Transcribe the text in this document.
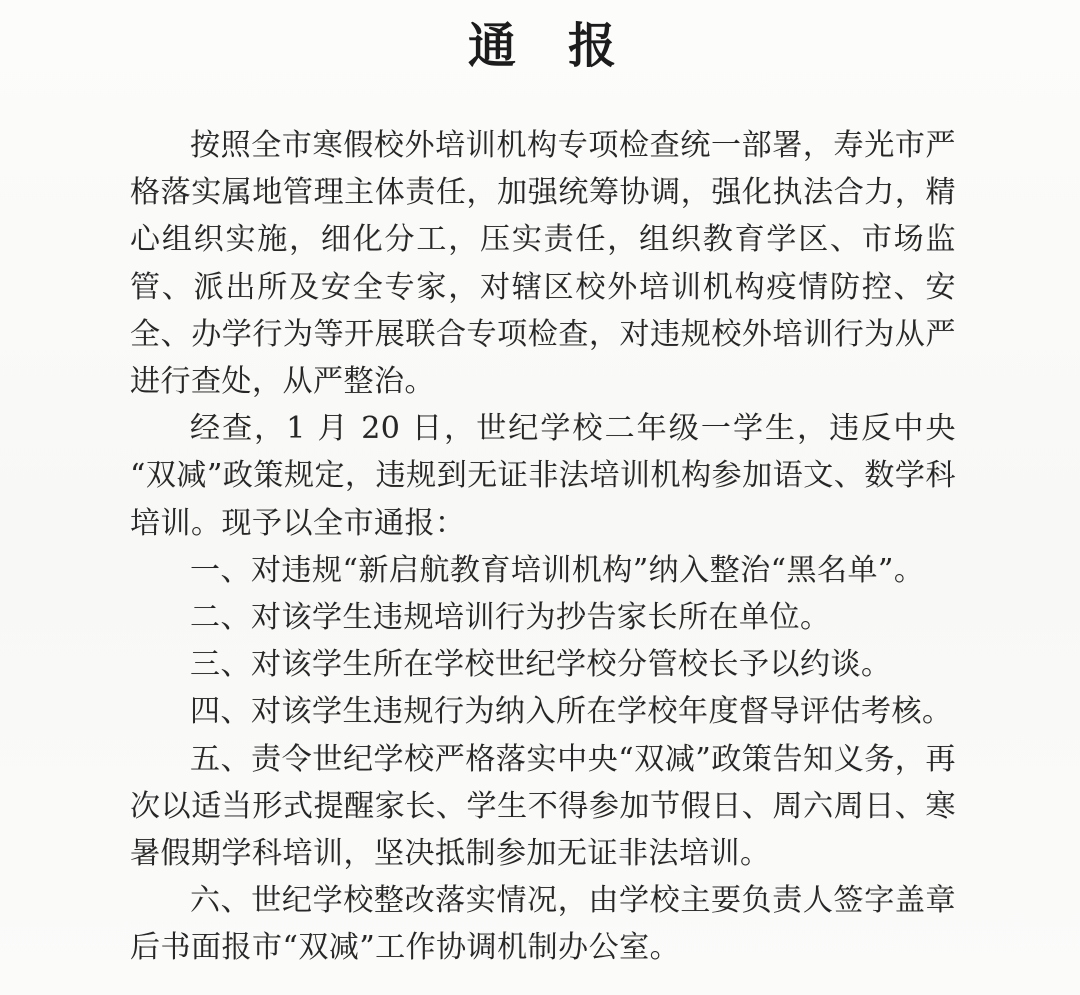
通　报

按照全市寒假校外培训机构专项检查统一部署，寿光市严格落实属地管理主体责任，加强统筹协调，强化执法合力，精心组织实施，细化分工，压实责任，组织教育学区、市场监管、派出所及安全专家，对辖区校外培训机构疫情防控、安全、办学行为等开展联合专项检查，对违规校外培训行为从严进行查处，从严整治。

经查，1 月 20 日，世纪学校二年级一学生，违反中央“双减”政策规定，违规到无证非法培训机构参加语文、数学科培训。现予以全市通报：

一、对违规“新启航教育培训机构”纳入整治“黑名单”。

二、对该学生违规培训行为抄告家长所在单位。

三、对该学生所在学校世纪学校分管校长予以约谈。

四、对该学生违规行为纳入所在学校年度督导评估考核。

五、责令世纪学校严格落实中央“双减”政策告知义务，再次以适当形式提醒家长、学生不得参加节假日、周六周日、寒暑假期学科培训，坚决抵制参加无证非法培训。

六、世纪学校整改落实情况，由学校主要负责人签字盖章后书面报市“双减”工作协调机制办公室。
